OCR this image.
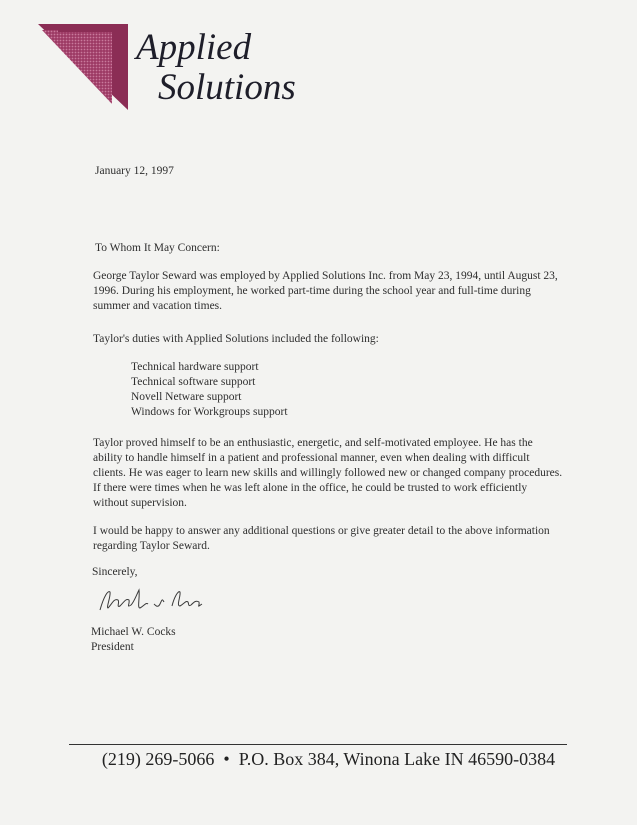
Applied
Solutions
January 12, 1997
To Whom It May Concern:
George Taylor Seward was employed by Applied Solutions Inc. from May 23, 1994, until August 23, 1996. During his employment, he worked part-time during the school year and full-time during summer and vacation times.
Taylor's duties with Applied Solutions included the following:
Technical hardware support
Technical software support
Novell Netware support
Windows for Workgroups support
Taylor proved himself to be an enthusiastic, energetic, and self-motivated employee. He has the ability to handle himself in a patient and professional manner, even when dealing with difficult clients. He was eager to learn new skills and willingly followed new or changed company procedures. If there were times when he was left alone in the office, he could be trusted to work efficiently without supervision.
I would be happy to answer any additional questions or give greater detail to the above information regarding Taylor Seward.
Sincerely,
Michael W. Cocks
President
(219) 269-5066 • P.O. Box 384, Winona Lake IN 46590-0384
